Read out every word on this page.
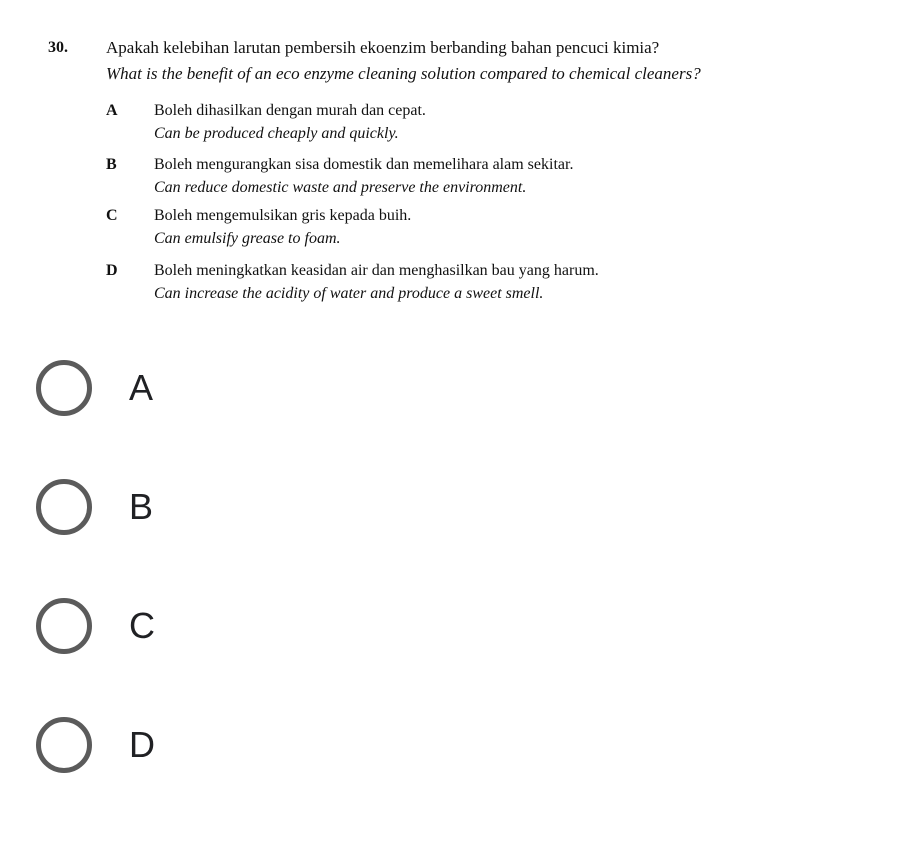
30. Apakah kelebihan larutan pembersih ekoenzim berbanding bahan pencuci kimia?
What is the benefit of an eco enzyme cleaning solution compared to chemical cleaners?
A	Boleh dihasilkan dengan murah dan cepat.
Can be produced cheaply and quickly.
B	Boleh mengurangkan sisa domestik dan memelihara alam sekitar.
Can reduce domestic waste and preserve the environment.
C	Boleh mengemulsikan gris kepada buih.
Can emulsify grease to foam.
D	Boleh meningkatkan keasidan air dan menghasilkan bau yang harum.
Can increase the acidity of water and produce a sweet smell.
A
B
C
D
